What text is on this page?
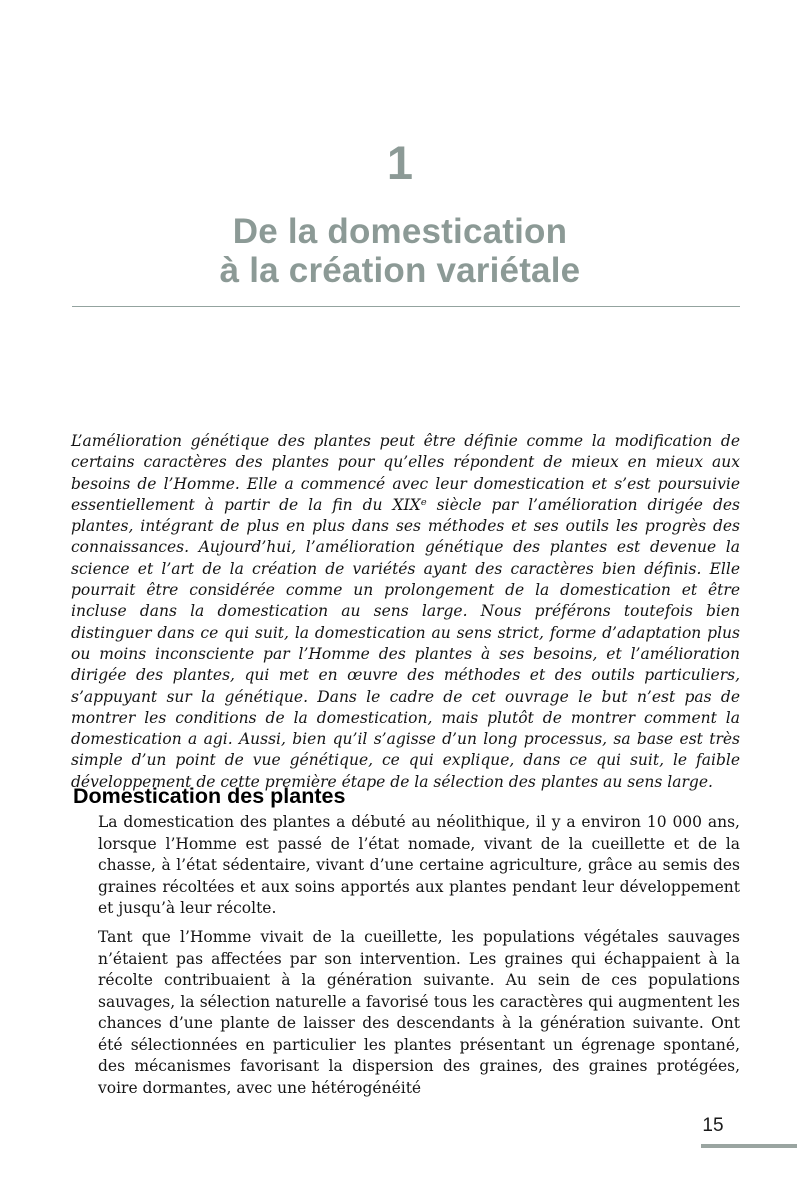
1
De la domestication
à la création variétale

L’amélioration génétique des plantes peut être définie comme la modification de certains caractères des plantes pour qu’elles répondent de mieux en mieux aux besoins de l’Homme. Elle a commencé avec leur domestication et s’est poursuivie essentiellement à partir de la fin du XIXᵉ siècle par l’amélioration dirigée des plantes, intégrant de plus en plus dans ses méthodes et ses outils les progrès des connaissances. Aujourd’hui, l’amélioration génétique des plantes est devenue la science et l’art de la création de variétés ayant des caractères bien définis. Elle pourrait être considérée comme un prolongement de la domestication et être incluse dans la domestication au sens large. Nous préférons toutefois bien distinguer dans ce qui suit, la domestication au sens strict, forme d’adaptation plus ou moins inconsciente par l’Homme des plantes à ses besoins, et l’amélioration dirigée des plantes, qui met en œuvre des méthodes et des outils particuliers, s’appuyant sur la génétique. Dans le cadre de cet ouvrage le but n’est pas de montrer les conditions de la domestication, mais plutôt de montrer comment la domestication a agi. Aussi, bien qu’il s’agisse d’un long processus, sa base est très simple d’un point de vue génétique, ce qui explique, dans ce qui suit, le faible développement de cette première étape de la sélection des plantes au sens large.

Domestication des plantes

La domestication des plantes a débuté au néolithique, il y a environ 10 000 ans, lorsque l’Homme est passé de l’état nomade, vivant de la cueillette et de la chasse, à l’état sédentaire, vivant d’une certaine agriculture, grâce au semis des graines récoltées et aux soins apportés aux plantes pendant leur développement et jusqu’à leur récolte.

Tant que l’Homme vivait de la cueillette, les populations végétales sauvages n’étaient pas affectées par son intervention. Les graines qui échappaient à la récolte contribuaient à la génération suivante. Au sein de ces populations sauvages, la sélection naturelle a favorisé tous les caractères qui augmentent les chances d’une plante de laisser des descendants à la génération suivante. Ont été sélectionnées en particulier les plantes présentant un égrenage spontané, des mécanismes favorisant la dispersion des graines, des graines protégées, voire dormantes, avec une hétérogénéité

15
